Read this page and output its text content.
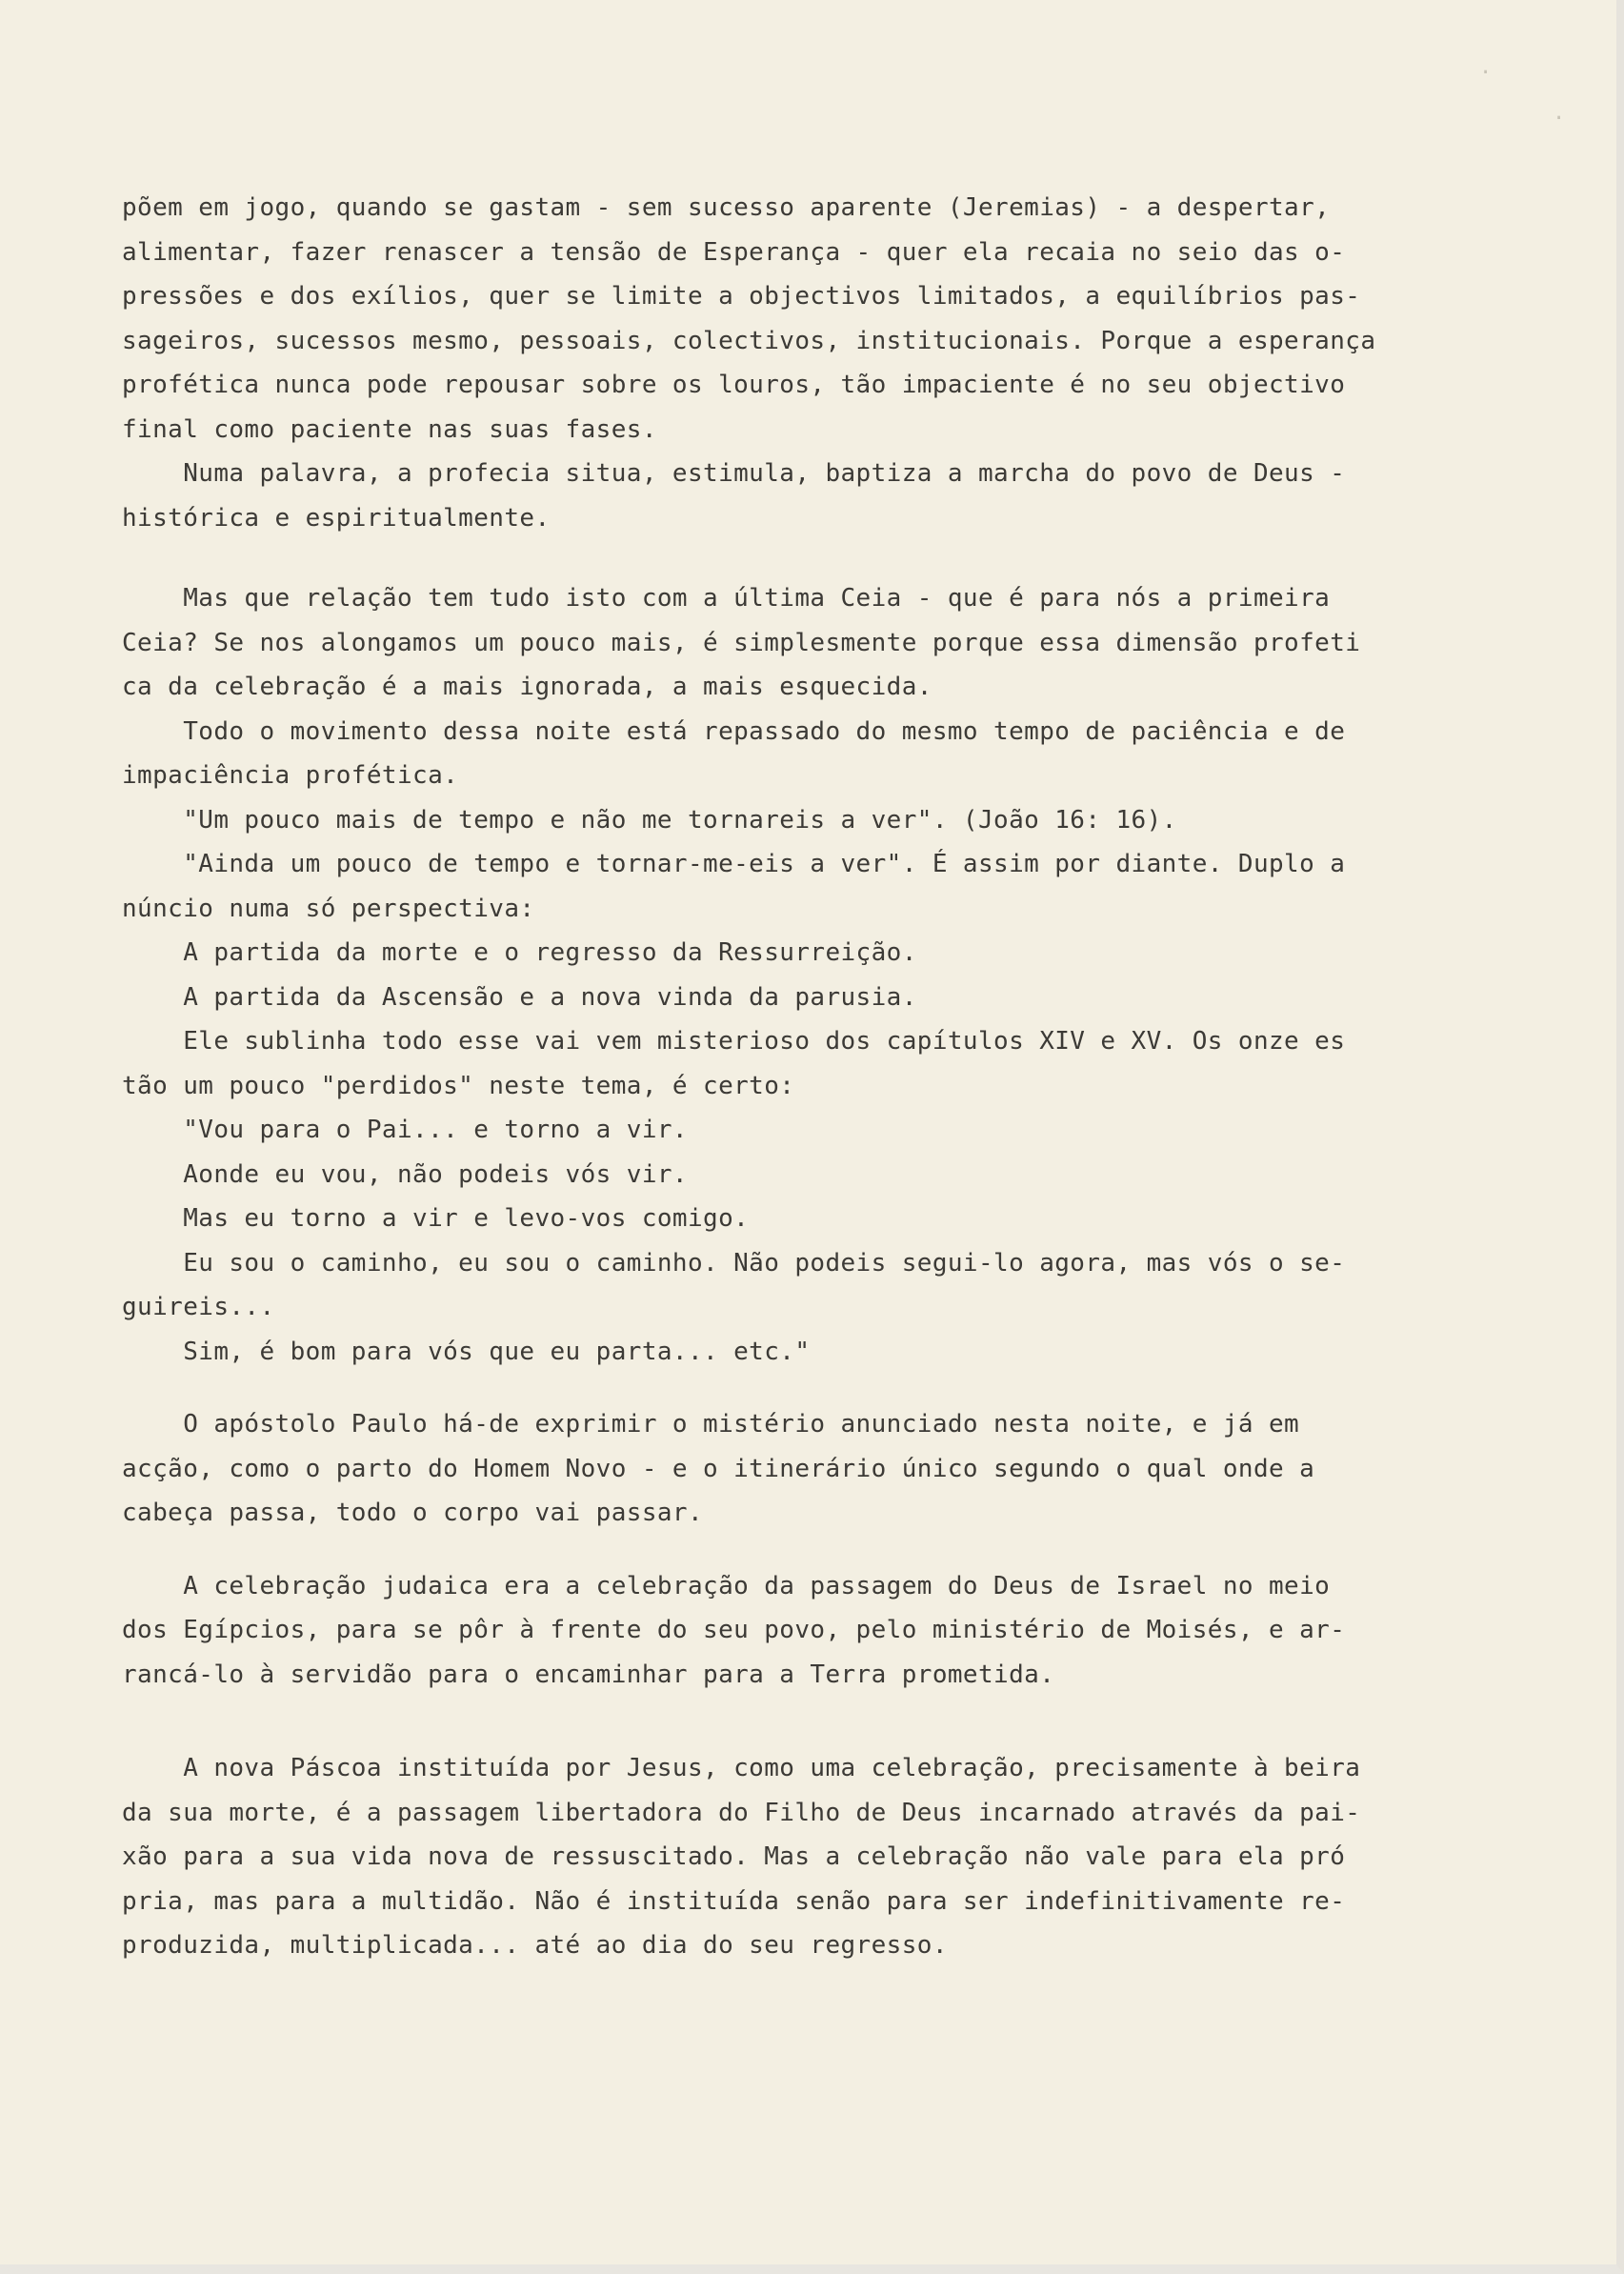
·
·

põem em jogo, quando se gastam - sem sucesso aparente (Jeremias) - a despertar,

alimentar, fazer renascer a tensão de Esperança - quer ela recaia no seio das o-

pressões e dos exílios, quer se limite a objectivos limitados, a equilíbrios pas-

sageiros, sucessos mesmo, pessoais, colectivos, institucionais. Porque a esperança

profética nunca pode repousar sobre os louros, tão impaciente é no seu objectivo

final como paciente nas suas fases.

Numa palavra, a profecia situa, estimula, baptiza a marcha do povo de Deus -

histórica e espiritualmente.

Mas que relação tem tudo isto com a última Ceia - que é para nós a primeira

Ceia? Se nos alongamos um pouco mais, é simplesmente porque essa dimensão profeti

ca da celebração é a mais ignorada, a mais esquecida.

Todo o movimento dessa noite está repassado do mesmo tempo de paciência e de

impaciência profética.

"Um pouco mais de tempo e não me tornareis a ver". (João 16: 16).

"Ainda um pouco de tempo e tornar-me-eis a ver". É assim por diante. Duplo a

núncio numa só perspectiva:

A partida da morte e o regresso da Ressurreição.

A partida da Ascensão e a nova vinda da parusia.

Ele sublinha todo esse vai vem misterioso dos capítulos XIV e XV. Os onze es

tão um pouco "perdidos" neste tema, é certo:

"Vou para o Pai... e torno a vir.

Aonde eu vou, não podeis vós vir.

Mas eu torno a vir e levo-vos comigo.

Eu sou o caminho, eu sou o caminho. Não podeis segui-lo agora, mas vós o se-

guireis...

Sim, é bom para vós que eu parta... etc."

O apóstolo Paulo há-de exprimir o mistério anunciado nesta noite, e já em

acção, como o parto do Homem Novo - e o itinerário único segundo o qual onde a

cabeça passa, todo o corpo vai passar.

A celebração judaica era a celebração da passagem do Deus de Israel no meio

dos Egípcios, para se pôr à frente do seu povo, pelo ministério de Moisés, e ar-

rancá-lo à servidão para o encaminhar para a Terra prometida.

A nova Páscoa instituída por Jesus, como uma celebração, precisamente à beira

da sua morte, é a passagem libertadora do Filho de Deus incarnado através da pai-

xão para a sua vida nova de ressuscitado. Mas a celebração não vale para ela pró

pria, mas para a multidão. Não é instituída senão para ser indefinitivamente re-

produzida, multiplicada... até ao dia do seu regresso.
